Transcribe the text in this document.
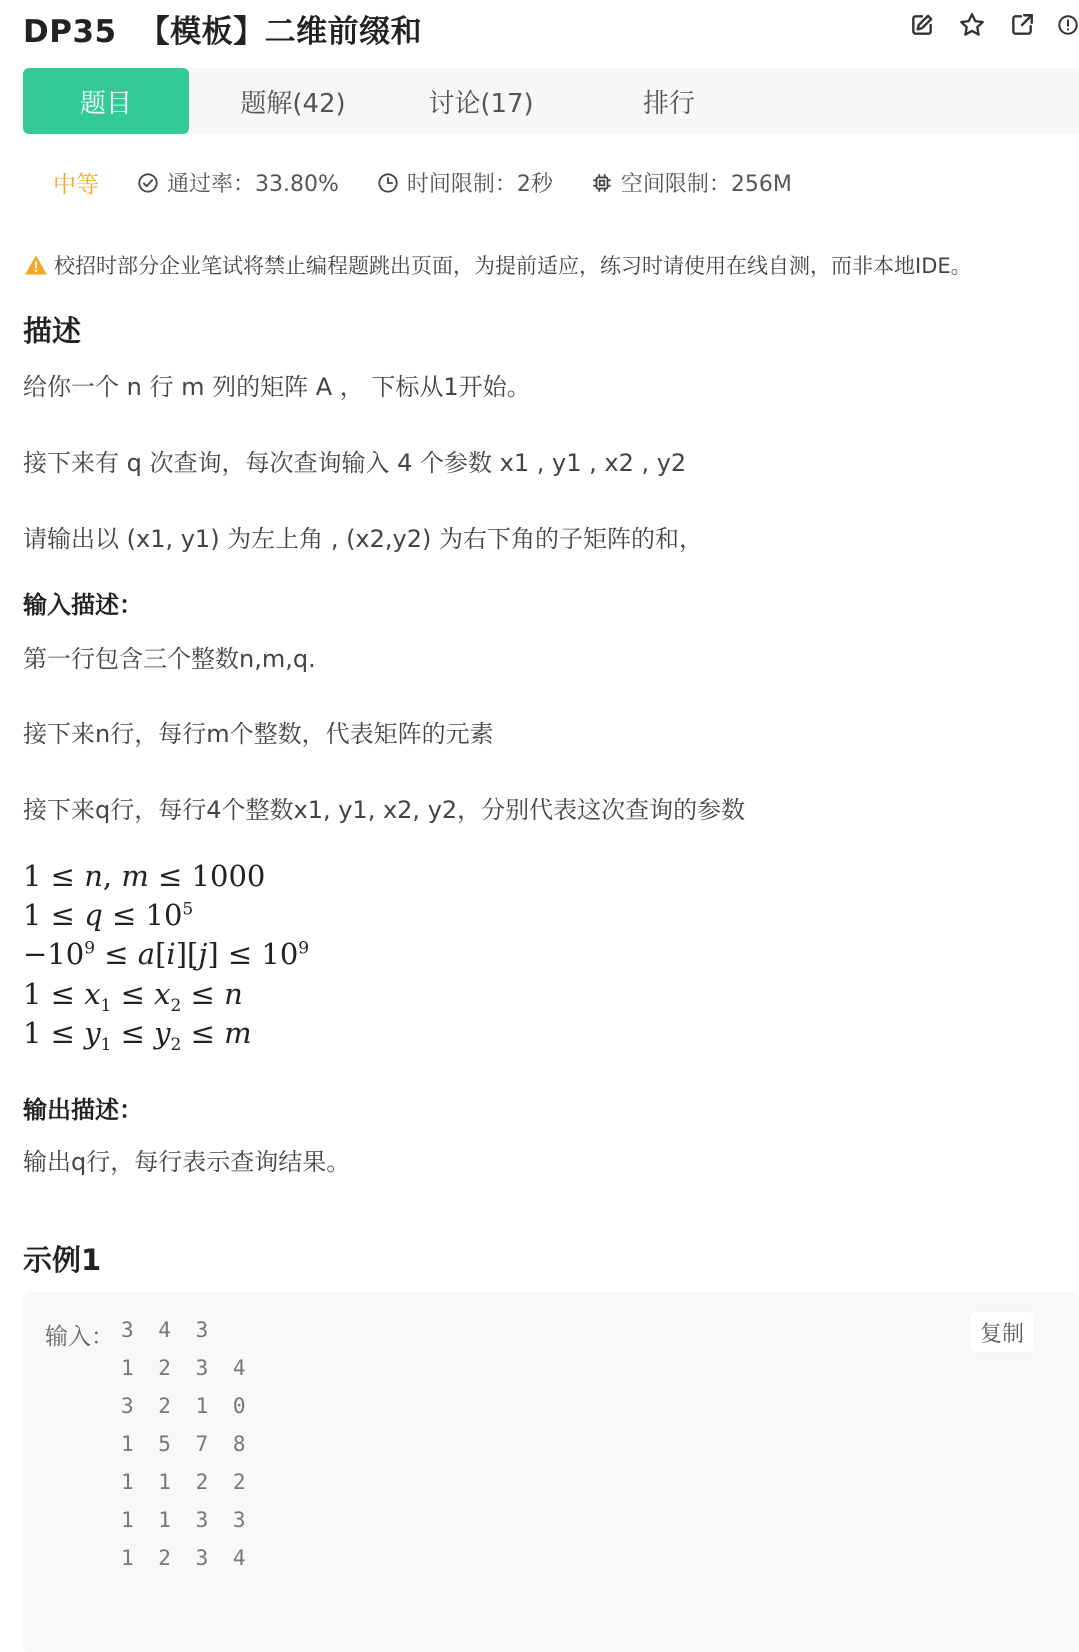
DP35 【模板】二维前缀和
题目	题解(42)	讨论(17)	排行
中等	通过率：33.80%	时间限制：2秒	空间限制：256M
校招时部分企业笔试将禁止编程题跳出页面，为提前适应，练习时请使用在线自测，而非本地IDE。
描述

给你一个 n 行 m 列的矩阵 A ， 下标从1开始。

接下来有 q 次查询，每次查询输入 4 个参数 x1 , y1 , x2 , y2

请输出以 (x1, y1) 为左上角 , (x2,y2) 为右下角的子矩阵的和，

输入描述：

第一行包含三个整数n,m,q.

接下来n行，每行m个整数，代表矩阵的元素

接下来q行，每行4个整数x1, y1, x2, y2，分别代表这次查询的参数

1 ≤ n, m ≤ 1000
$1 \le q \le 10^5$
$-10^9 \le a[i][j] \le 10^9$
$1 \le x_1 \le x_2 \le n$
$1 \le y_1 \le y_2 \le m$
输出描述：

输出q行，每行表示查询结果。

示例1
输入： 3 4 3
1 2 3 4
3 2 1 0
1 5 7 8
1 1 2 2
1 1 3 3
1 2 3 4
复制
